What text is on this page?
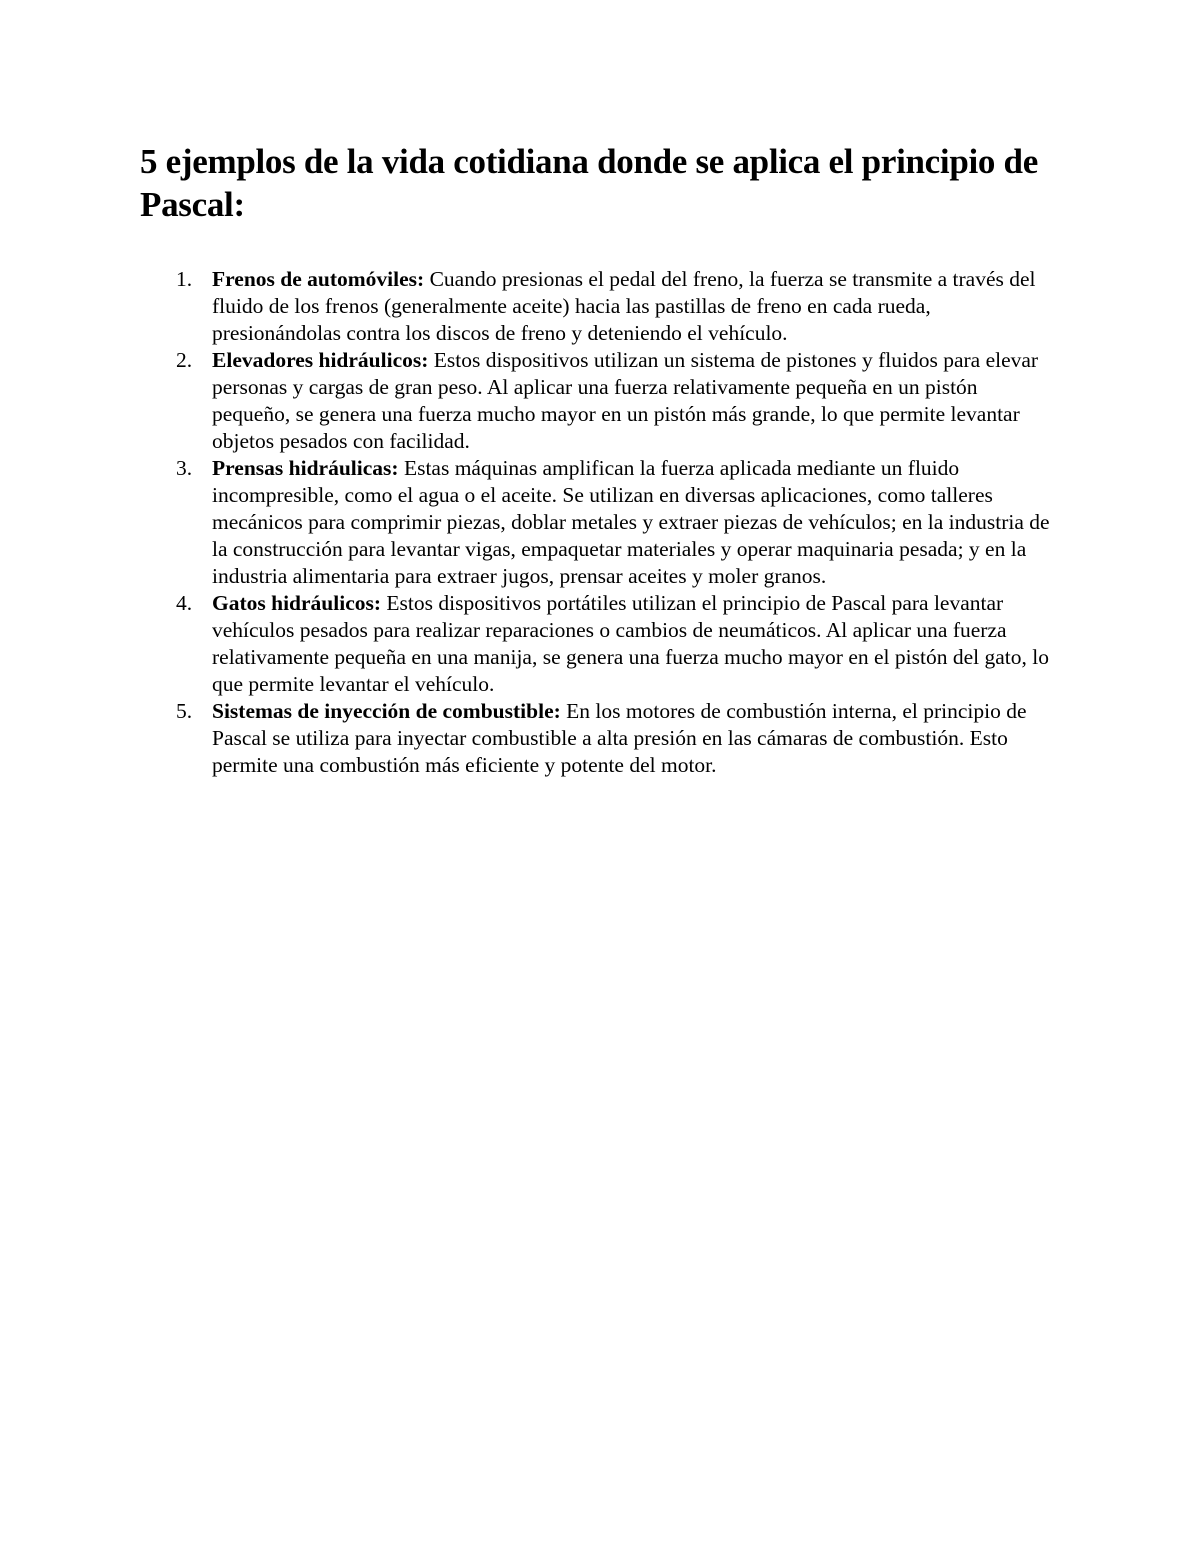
5 ejemplos de la vida cotidiana donde se aplica el principio de Pascal:
1. Frenos de automóviles: Cuando presionas el pedal del freno, la fuerza se transmite a través del fluido de los frenos (generalmente aceite) hacia las pastillas de freno en cada rueda, presionándolas contra los discos de freno y deteniendo el vehículo.
2. Elevadores hidráulicos: Estos dispositivos utilizan un sistema de pistones y fluidos para elevar personas y cargas de gran peso. Al aplicar una fuerza relativamente pequeña en un pistón pequeño, se genera una fuerza mucho mayor en un pistón más grande, lo que permite levantar objetos pesados con facilidad.
3. Prensas hidráulicas: Estas máquinas amplifican la fuerza aplicada mediante un fluido incompresible, como el agua o el aceite. Se utilizan en diversas aplicaciones, como talleres mecánicos para comprimir piezas, doblar metales y extraer piezas de vehículos; en la industria de la construcción para levantar vigas, empaquetar materiales y operar maquinaria pesada; y en la industria alimentaria para extraer jugos, prensar aceites y moler granos.
4. Gatos hidráulicos: Estos dispositivos portátiles utilizan el principio de Pascal para levantar vehículos pesados para realizar reparaciones o cambios de neumáticos. Al aplicar una fuerza relativamente pequeña en una manija, se genera una fuerza mucho mayor en el pistón del gato, lo que permite levantar el vehículo.
5. Sistemas de inyección de combustible: En los motores de combustión interna, el principio de Pascal se utiliza para inyectar combustible a alta presión en las cámaras de combustión. Esto permite una combustión más eficiente y potente del motor.
